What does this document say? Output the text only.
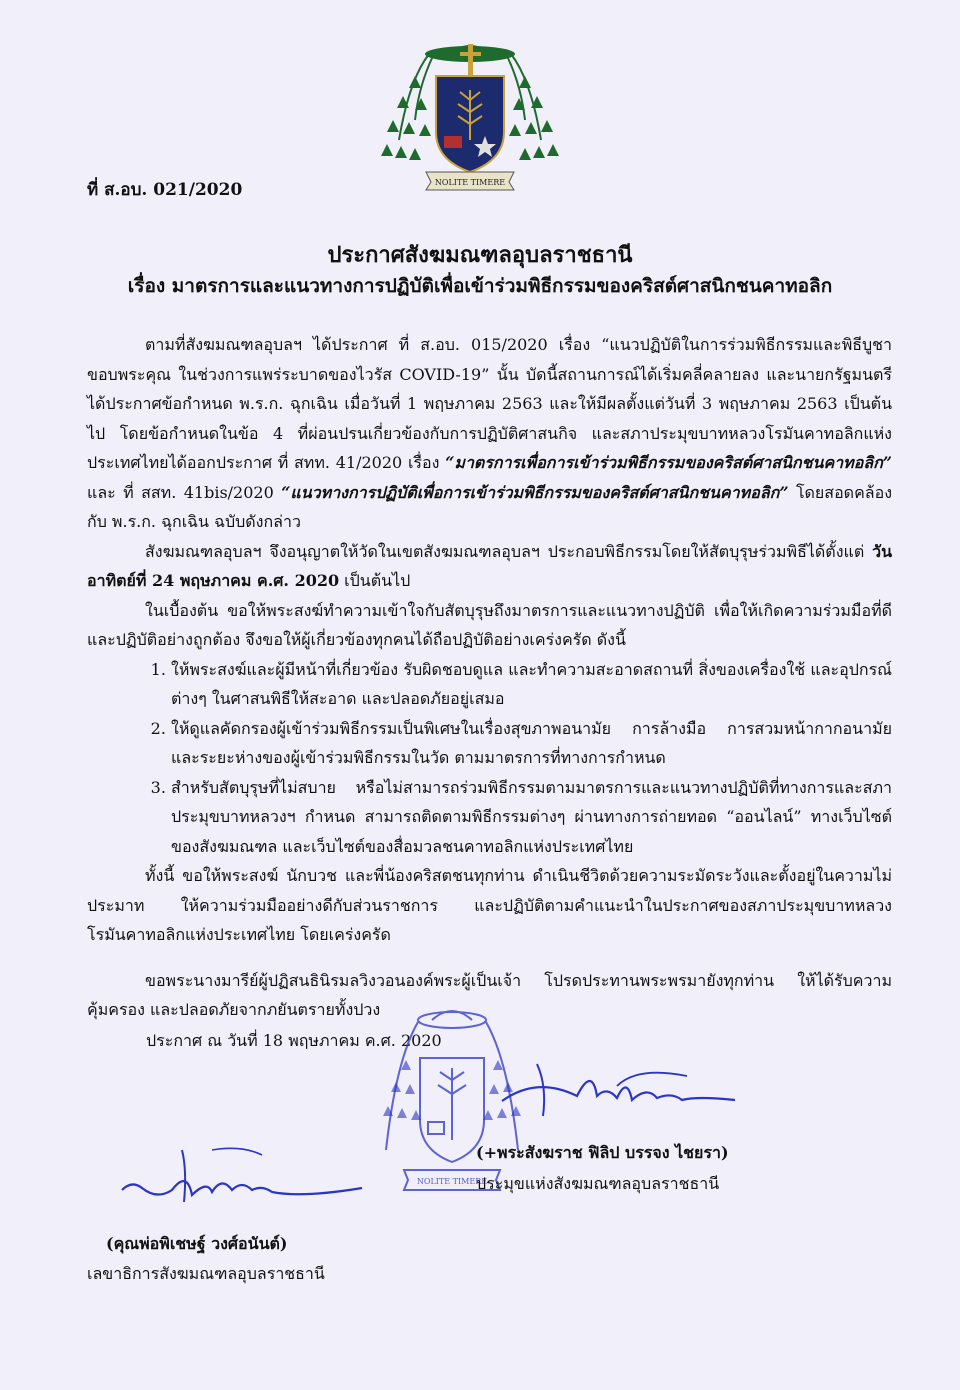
NOLITE TIMERE
ที่ ส.อบ. 021/2020
ประกาศสังฆมณฑลอุบลราชธานี
เรื่อง มาตรการและแนวทางการปฏิบัติเพื่อเข้าร่วมพิธีกรรมของคริสต์ศาสนิกชนคาทอลิก

ตามที่สังฆมณฑลอุบลฯ ได้ประกาศ ที่ ส.อบ. 015/2020 เรื่อง “แนวปฏิบัติในการร่วมพิธีกรรมและพิธีบูชาขอบพระคุณ ในช่วงการแพร่ระบาดของไวรัส COVID-19” นั้น บัดนี้สถานการณ์ได้เริ่มคลี่คลายลง และนายกรัฐมนตรีได้ประกาศข้อกำหนด พ.ร.ก. ฉุกเฉิน เมื่อวันที่ 1 พฤษภาคม 2563 และให้มีผลตั้งแต่วันที่ 3 พฤษภาคม 2563 เป็นต้นไป โดยข้อกำหนดในข้อ 4 ที่ผ่อนปรนเกี่ยวข้องกับการปฏิบัติศาสนกิจ และสภาประมุขบาทหลวงโรมันคาทอลิกแห่งประเทศไทยได้ออกประกาศ ที่ สทท. 41/2020 เรื่อง “มาตรการเพื่อการเข้าร่วมพิธีกรรมของคริสต์ศาสนิกชนคาทอลิก” และ ที่ สสท. 41bis/2020 “แนวทางการปฏิบัติเพื่อการเข้าร่วมพิธีกรรมของคริสต์ศาสนิกชนคาทอลิก” โดยสอดคล้อง กับ พ.ร.ก. ฉุกเฉิน ฉบับดังกล่าว

สังฆมณฑลอุบลฯ จึงอนุญาตให้วัดในเขตสังฆมณฑลอุบลฯ ประกอบพิธีกรรมโดยให้สัตบุรุษร่วมพิธีได้ตั้งแต่ วันอาทิตย์ที่ 24 พฤษภาคม ค.ศ. 2020 เป็นต้นไป

ในเบื้องต้น ขอให้พระสงฆ์ทำความเข้าใจกับสัตบุรุษถึงมาตรการและแนวทางปฏิบัติ เพื่อให้เกิดความร่วมมือที่ดี และปฏิบัติอย่างถูกต้อง จึงขอให้ผู้เกี่ยวข้องทุกคนได้ถือปฏิบัติอย่างเคร่งครัด ดังนี้

1. ให้พระสงฆ์และผู้มีหน้าที่เกี่ยวข้อง รับผิดชอบดูแล และทำความสะอาดสถานที่ สิ่งของเครื่องใช้ และอุปกรณ์ต่างๆ ในศาสนพิธีให้สะอาด และปลอดภัยอยู่เสมอ
2. ให้ดูแลคัดกรองผู้เข้าร่วมพิธีกรรมเป็นพิเศษในเรื่องสุขภาพอนามัย การล้างมือ การสวมหน้ากากอนามัย และระยะห่างของผู้เข้าร่วมพิธีกรรมในวัด ตามมาตรการที่ทางการกำหนด
3. สำหรับสัตบุรุษที่ไม่สบาย หรือไม่สามารถร่วมพิธีกรรมตามมาตรการและแนวทางปฏิบัติที่ทางการและสภาประมุขบาทหลวงฯ กำหนด สามารถติดตามพิธีกรรมต่างๆ ผ่านทางการถ่ายทอด “ออนไลน์” ทางเว็บไซต์ของสังฆมณฑล และเว็บไซต์ของสื่อมวลชนคาทอลิกแห่งประเทศไทย

ทั้งนี้ ขอให้พระสงฆ์ นักบวช และพี่น้องคริสตชนทุกท่าน ดำเนินชีวิตด้วยความระมัดระวังและตั้งอยู่ในความไม่ประมาท ให้ความร่วมมืออย่างดีกับส่วนราชการ และปฏิบัติตามคำแนะนำในประกาศของสภาประมุขบาทหลวงโรมันคาทอลิกแห่งประเทศไทย โดยเคร่งครัด

ขอพระนางมารีย์ผู้ปฏิสนธินิรมลวิงวอนองค์พระผู้เป็นเจ้า โปรดประทานพระพรมายังทุกท่าน ให้ได้รับความคุ้มครอง และปลอดภัยจากภยันตรายทั้งปวง

ประกาศ ณ วันที่ 18 พฤษภาคม ค.ศ. 2020
NOLITE TIMERE
(+พระสังฆราช ฟิลิป บรรจง ไชยรา)
ประมุขแห่งสังฆมณฑลอุบลราชธานี
(คุณพ่อพิเชษฐ์ วงศ์อนันต์)
เลขาธิการสังฆมณฑลอุบลราชธานี
